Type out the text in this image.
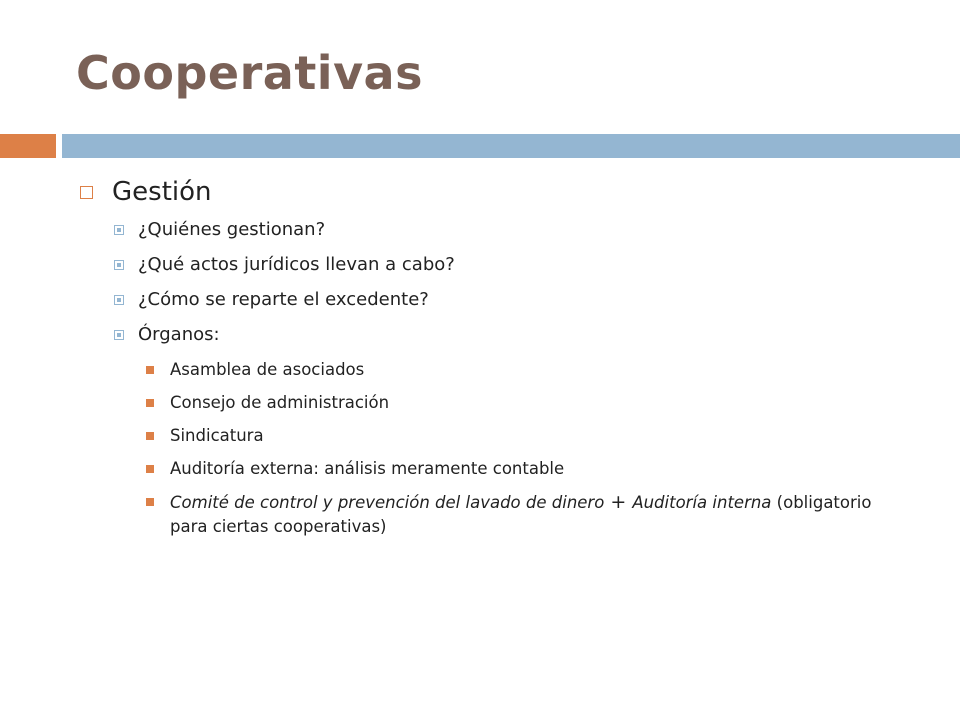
Cooperativas
Gestión
¿Quiénes gestionan?
¿Qué actos jurídicos llevan a cabo?
¿Cómo se reparte el excedente?
Órganos:
Asamblea de asociados
Consejo de administración
Sindicatura
Auditoría externa: análisis meramente contable
Comité de control y prevención del lavado de dinero + Auditoría interna (obligatorio para ciertas cooperativas)
